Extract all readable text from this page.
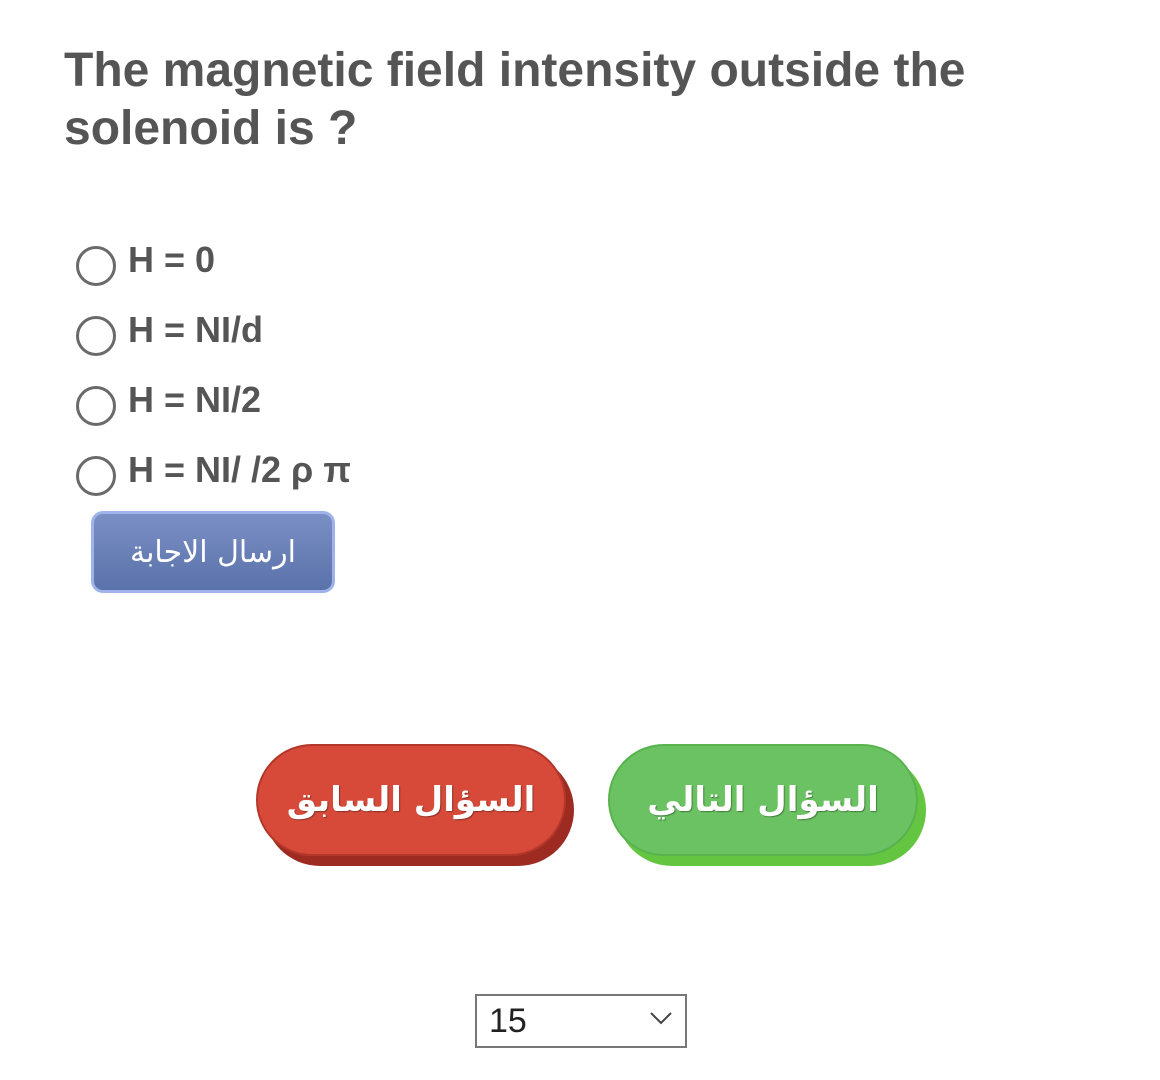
The magnetic field intensity outside the solenoid is ?
H = 0
H = NI/d
H = NI/2
H = NI/ /2 ρ π
ارسال الاجابة
السؤال السابق	السؤال التالي
15
